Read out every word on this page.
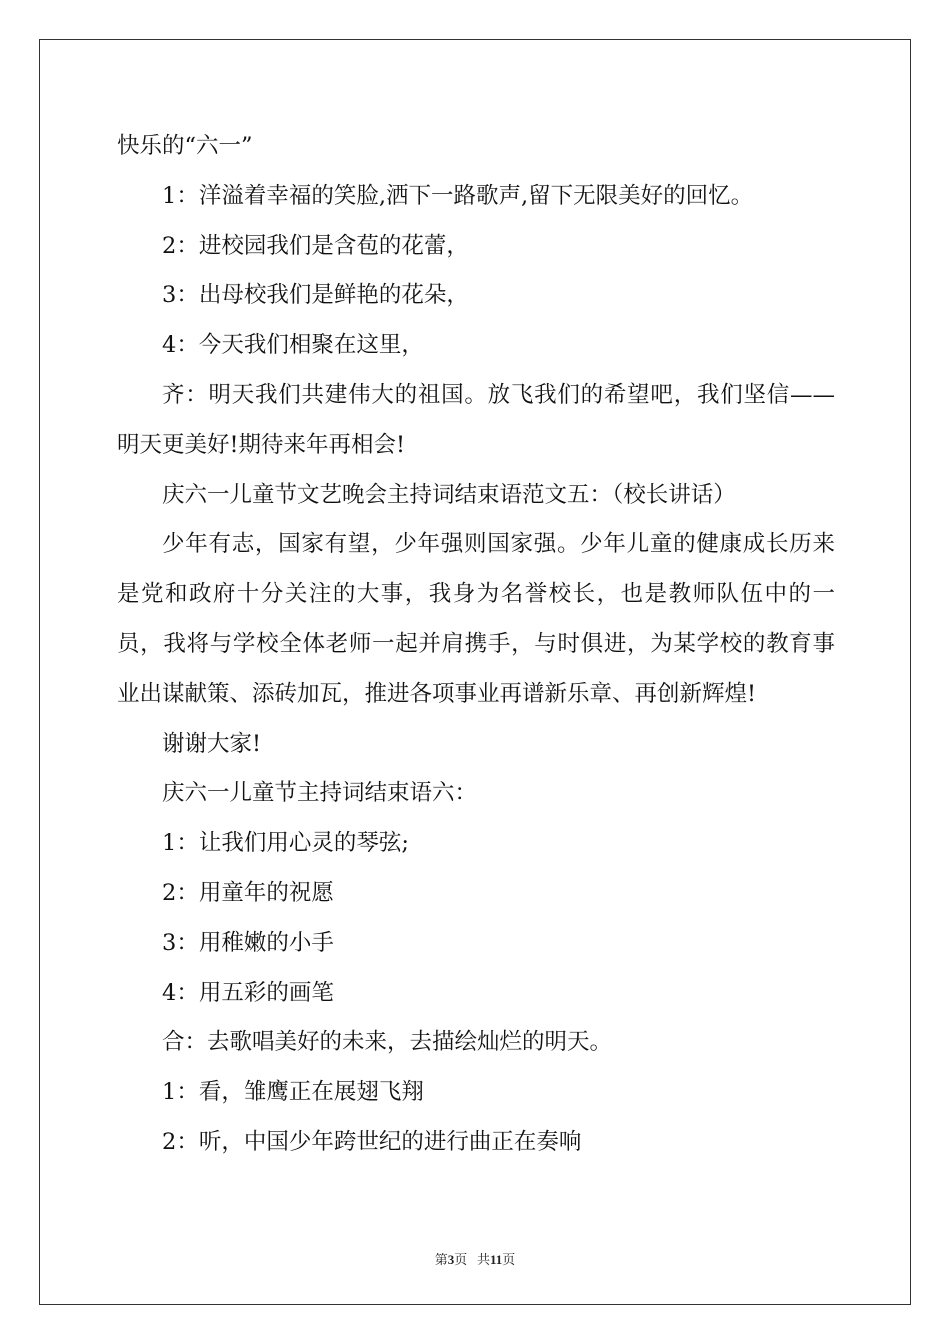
快乐的“六一”

1：洋溢着幸福的笑脸,洒下一路歌声,留下无限美好的回忆。

2：进校园我们是含苞的花蕾，

3：出母校我们是鲜艳的花朵，

4：今天我们相聚在这里，

齐：明天我们共建伟大的祖国。放飞我们的希望吧，我们坚信——明天更美好!期待来年再相会!

庆六一儿童节文艺晚会主持词结束语范文五：（校长讲话）

少年有志，国家有望，少年强则国家强。少年儿童的健康成长历来是党和政府十分关注的大事，我身为名誉校长，也是教师队伍中的一员，我将与学校全体老师一起并肩携手，与时俱进，为某学校的教育事业出谋献策、添砖加瓦，推进各项事业再谱新乐章、再创新辉煌!

谢谢大家!

庆六一儿童节主持词结束语六：

1：让我们用心灵的琴弦;

2：用童年的祝愿

3：用稚嫩的小手

4：用五彩的画笔

合：去歌唱美好的未来，去描绘灿烂的明天。

1：看，雏鹰正在展翅飞翔

2：听，中国少年跨世纪的进行曲正在奏响

第3页 共11页
